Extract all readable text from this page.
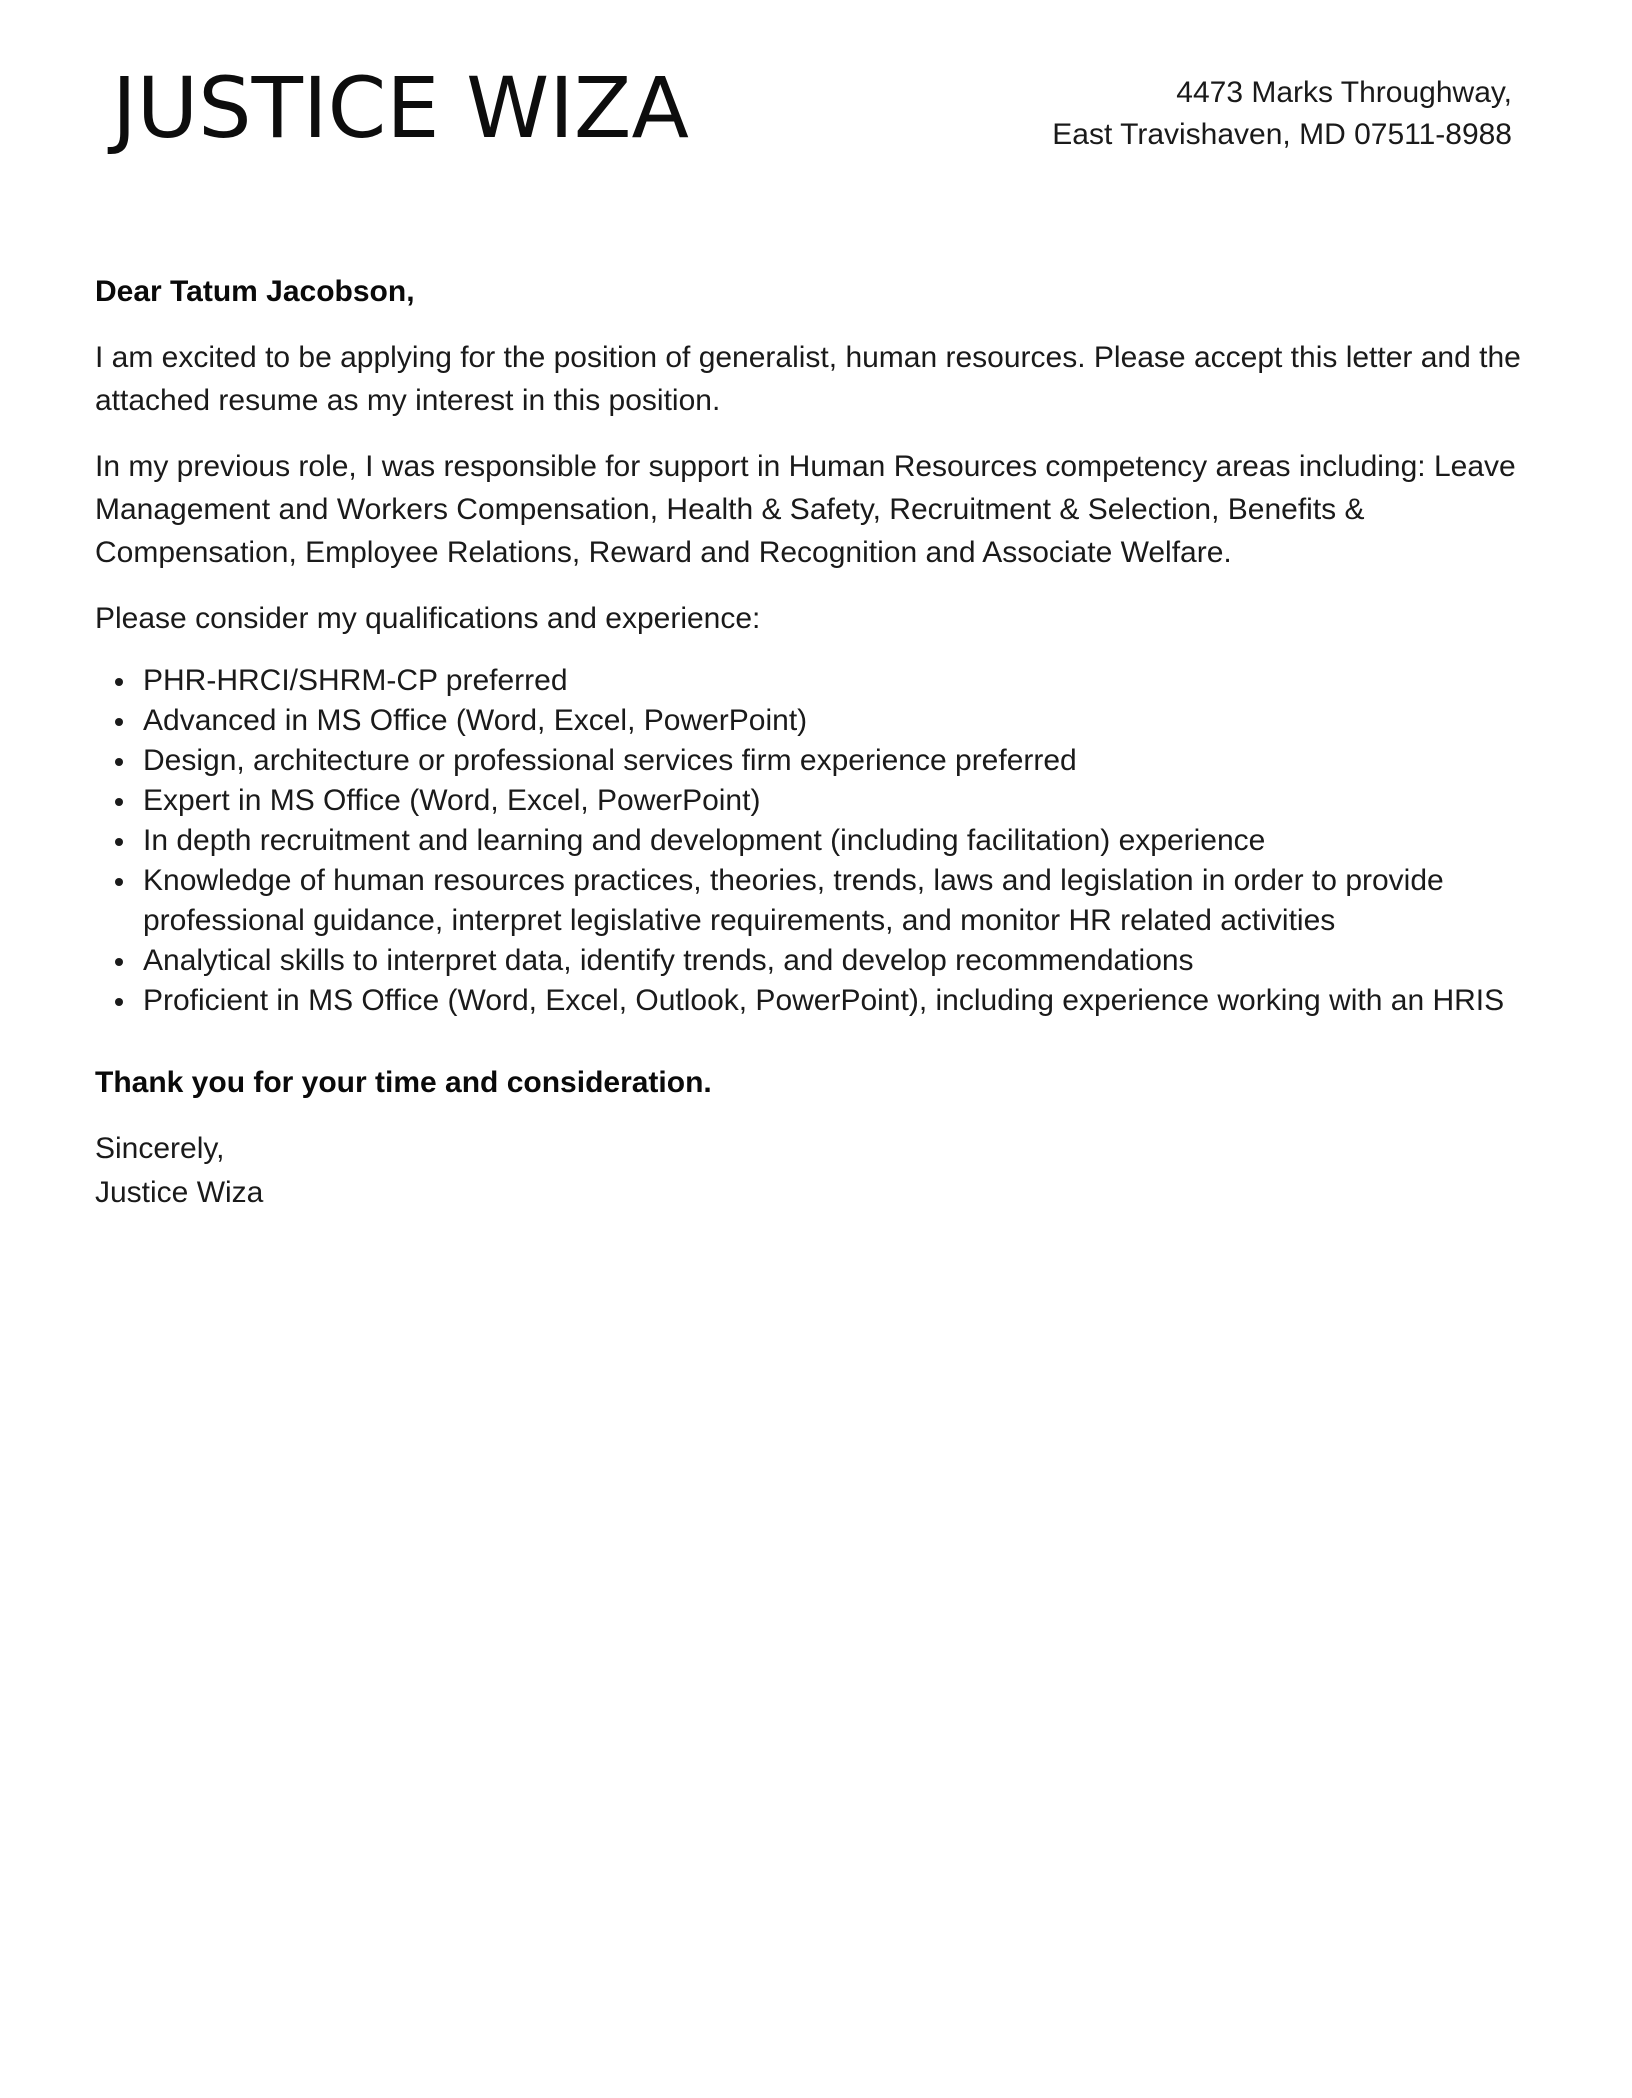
JUSTICE WIZA	4473 Marks Throughway,
East Travishaven, MD 07511-8988

Dear Tatum Jacobson,

I am excited to be applying for the position of generalist, human resources. Please accept this letter and the attached resume as my interest in this position.

In my previous role, I was responsible for support in Human Resources competency areas including: Leave Management and Workers Compensation, Health & Safety, Recruitment & Selection, Benefits & Compensation, Employee Relations, Reward and Recognition and Associate Welfare.

Please consider my qualifications and experience:

PHR-HRCI/SHRM-CP preferred
Advanced in MS Office (Word, Excel, PowerPoint)
Design, architecture or professional services firm experience preferred
Expert in MS Office (Word, Excel, PowerPoint)
In depth recruitment and learning and development (including facilitation) experience
Knowledge of human resources practices, theories, trends, laws and legislation in order to provide professional guidance, interpret legislative requirements, and monitor HR related activities
Analytical skills to interpret data, identify trends, and develop recommendations
Proficient in MS Office (Word, Excel, Outlook, PowerPoint), including experience working with an HRIS

Thank you for your time and consideration.

Sincerely,
Justice Wiza
